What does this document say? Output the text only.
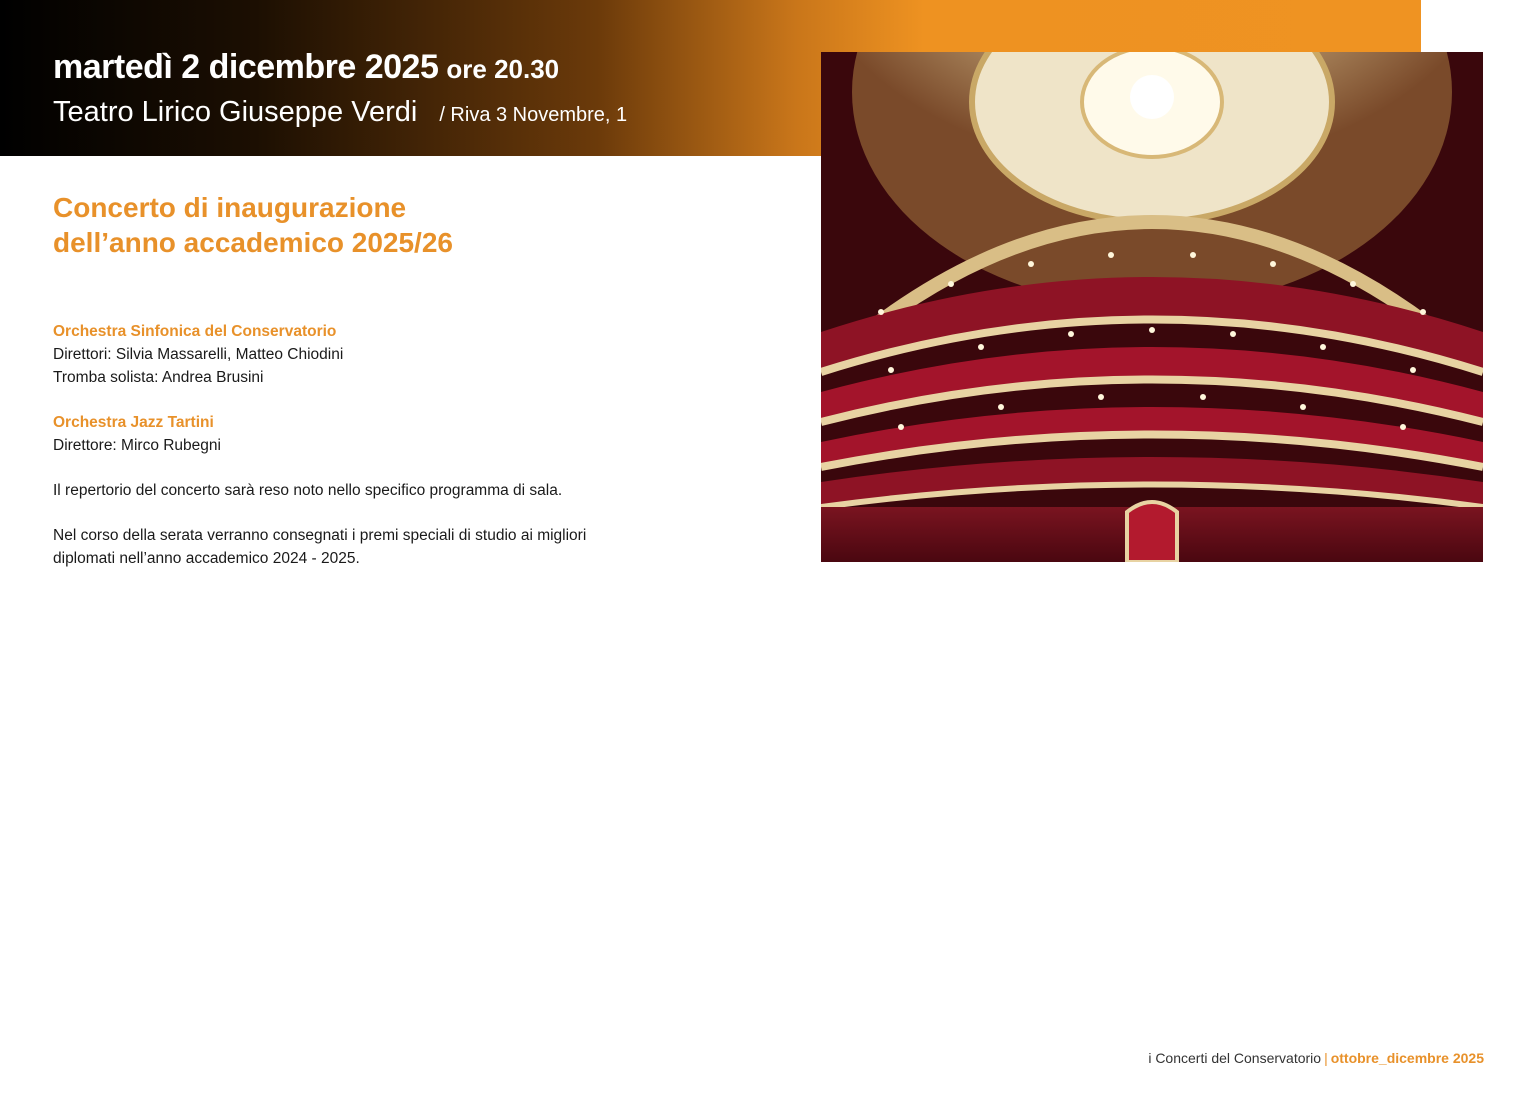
martedì 2 dicembre 2025 ore 20.30
Teatro Lirico Giuseppe Verdi / Riva 3 Novembre, 1
Concerto di inaugurazione
dell’anno accademico 2025/26

Orchestra Sinfonica del Conservatorio

Direttori: Silvia Massarelli, Matteo Chiodini

Tromba solista: Andrea Brusini

Orchestra Jazz Tartini

Direttore: Mirco Rubegni

Il repertorio del concerto sarà reso noto nello specifico programma di sala.

Nel corso della serata verranno consegnati i premi speciali di studio ai migliori

diplomati nell’anno accademico 2024 - 2025.

i Concerti del Conservatorio | ottobre_dicembre 2025
